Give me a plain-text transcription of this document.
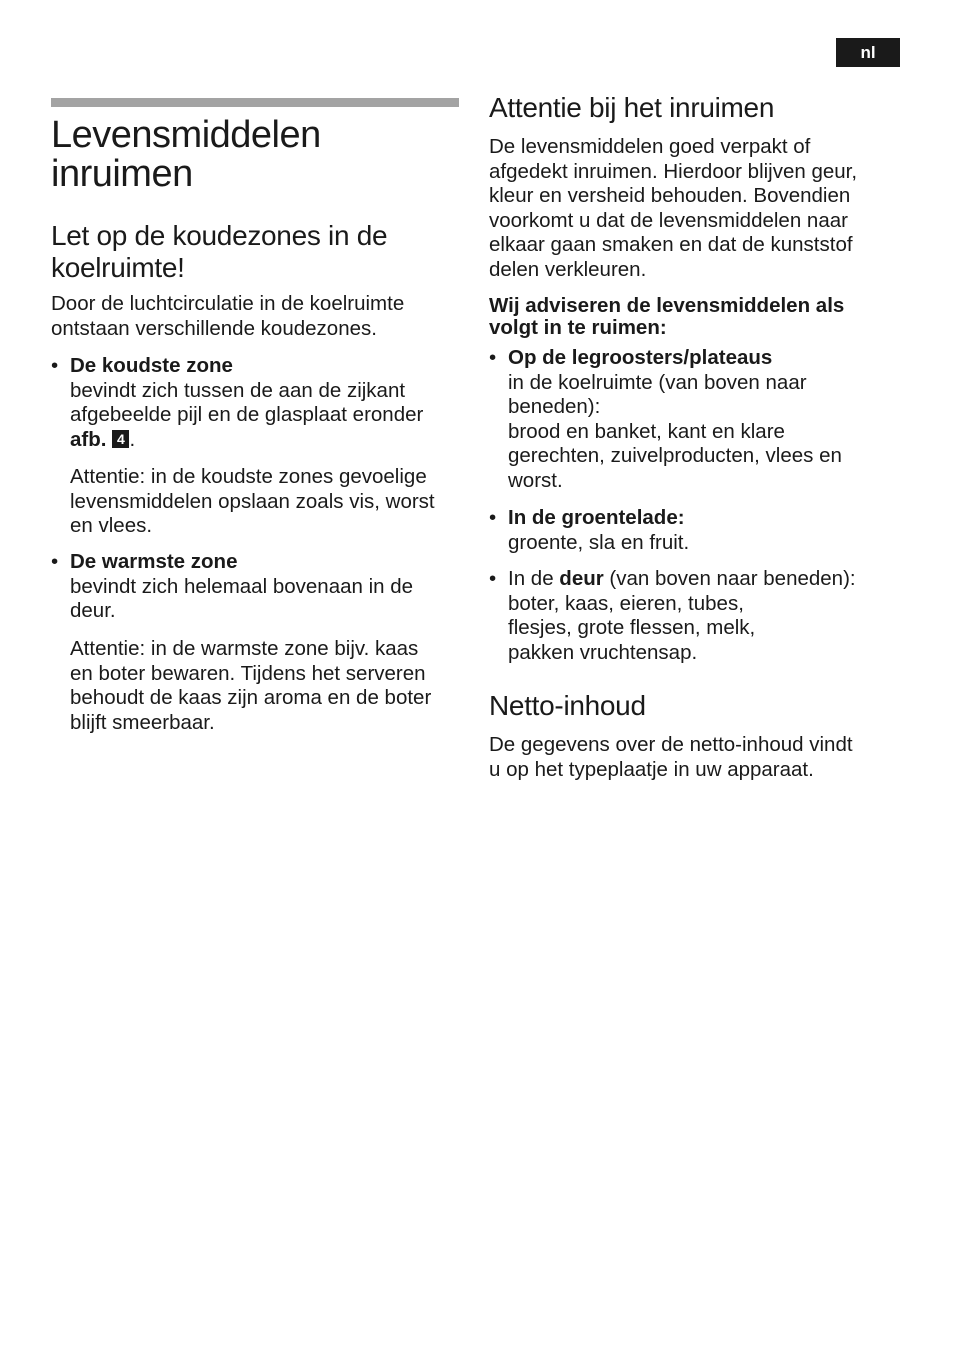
nl
Levensmiddelen
inruimen
Let op de koudezones in de
koelruimte!

Door de luchtcirculatie in de koelruimte
ontstaan verschillende koudezones.

• De koudste zone
bevindt zich tussen de aan de zijkant
afgebeelde pijl en de glasplaat eronder
afb. 4 .

Attentie: in de koudste zones gevoelige
levensmiddelen opslaan zoals vis, worst
en vlees.

• De warmste zone
bevindt zich helemaal bovenaan in de
deur.

Attentie: in de warmste zone bijv. kaas
en boter bewaren. Tijdens het serveren
behoudt de kaas zijn aroma en de boter
blijft smeerbaar.

Attentie bij het inruimen

De levensmiddelen goed verpakt of
afgedekt inruimen. Hierdoor blijven geur,
kleur en versheid behouden. Bovendien
voorkomt u dat de levensmiddelen naar
elkaar gaan smaken en dat de kunststof
delen verkleuren.

Wij adviseren de levensmiddelen als
volgt in te ruimen:

• Op de legroosters/plateaus
in de koelruimte (van boven naar
beneden):
brood en banket, kant en klare
gerechten, zuivelproducten, vlees en
worst.
• In de groentelade:
groente, sla en fruit.
• In de deur (van boven naar beneden):
boter, kaas, eieren, tubes,
flesjes, grote flessen, melk,
pakken vruchtensap.
Netto-inhoud

De gegevens over de netto-inhoud vindt
u op het typeplaatje in uw apparaat.
